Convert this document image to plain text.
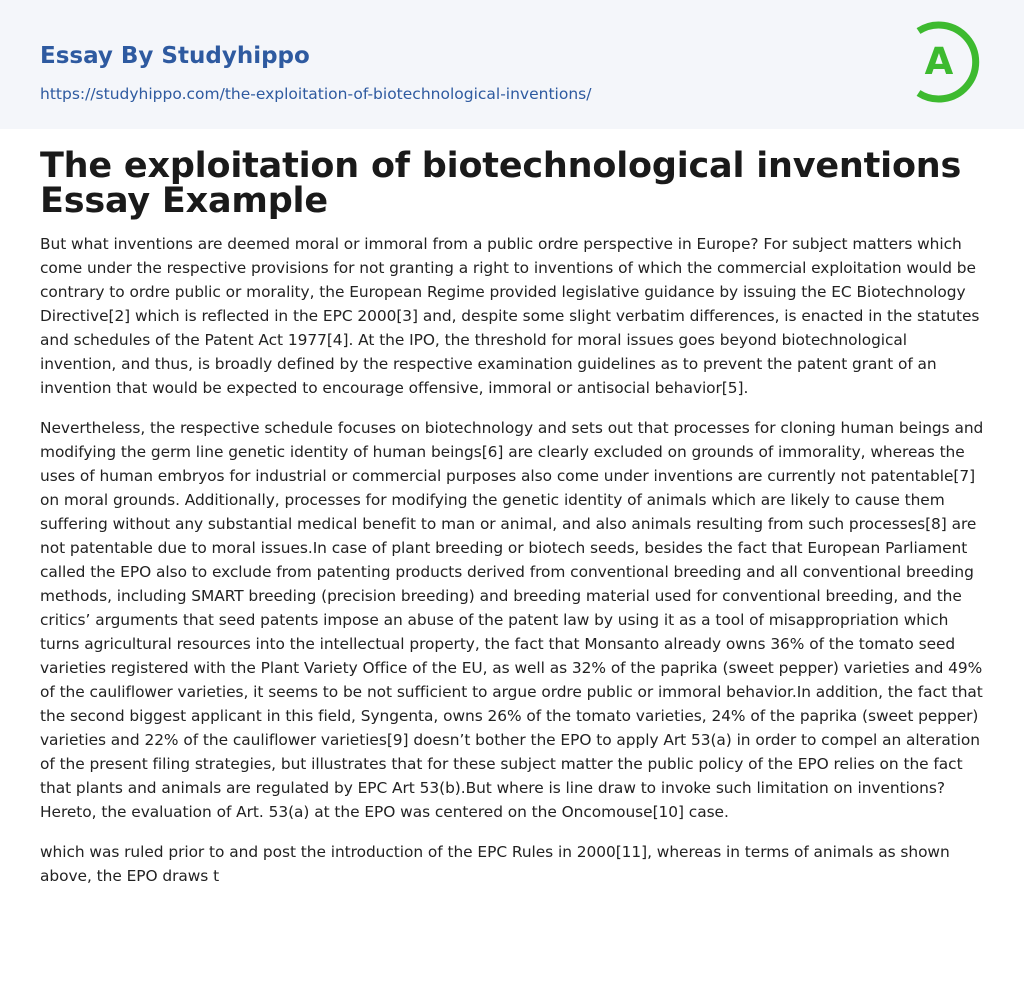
Essay By Studyhippo
https://studyhippo.com/the-exploitation-of-biotechnological-inventions/
A
The exploitation of biotechnological inventions Essay Example

But what inventions are deemed moral or immoral from a public ordre perspective in Europe? For subject matters which come under the respective provisions for not granting a right to inventions of which the commercial exploitation would be contrary to ordre public or morality, the European Regime provided legislative guidance by issuing the EC Biotechnology Directive[2] which is reflected in the EPC 2000[3] and, despite some slight verbatim differences, is enacted in the statutes and schedules of the Patent Act 1977[4]. At the IPO, the threshold for moral issues goes beyond biotechnological invention, and thus, is broadly defined by the respective examination guidelines as to prevent the patent grant of an invention that would be expected to encourage offensive, immoral or antisocial behavior[5].

Nevertheless, the respective schedule focuses on biotechnology and sets out that processes for cloning human beings and modifying the germ line genetic identity of human beings[6] are clearly excluded on grounds of immorality, whereas the uses of human embryos for industrial or commercial purposes also come under inventions are currently not patentable[7] on moral grounds. Additionally, processes for modifying the genetic identity of animals which are likely to cause them suffering without any substantial medical benefit to man or animal, and also animals resulting from such processes[8] are not patentable due to moral issues.In case of plant breeding or biotech seeds, besides the fact that European Parliament called the EPO also to exclude from patenting products derived from conventional breeding and all conventional breeding methods, including SMART breeding (precision breeding) and breeding material used for conventional breeding, and the critics’ arguments that seed patents impose an abuse of the patent law by using it as a tool of misappropriation which turns agricultural resources into the intellectual property, the fact that Monsanto already owns 36% of the tomato seed varieties registered with the Plant Variety Office of the EU, as well as 32% of the paprika (sweet pepper) varieties and 49% of the cauliflower varieties, it seems to be not sufficient to argue ordre public or immoral behavior.In addition, the fact that the second biggest applicant in this field, Syngenta, owns 26% of the tomato varieties, 24% of the paprika (sweet pepper) varieties and 22% of the cauliflower varieties[9] doesn’t bother the EPO to apply Art 53(a) in order to compel an alteration of the present filing strategies, but illustrates that for these subject matter the public policy of the EPO relies on the fact that plants and animals are regulated by EPC Art 53(b).But where is line draw to invoke such limitation on inventions?Hereto, the evaluation of Art. 53(a) at the EPO was centered on the Oncomouse[10] case.

which was ruled prior to and post the introduction of the EPC Rules in 2000[11], whereas in terms of animals as shown above, the EPO draws t
